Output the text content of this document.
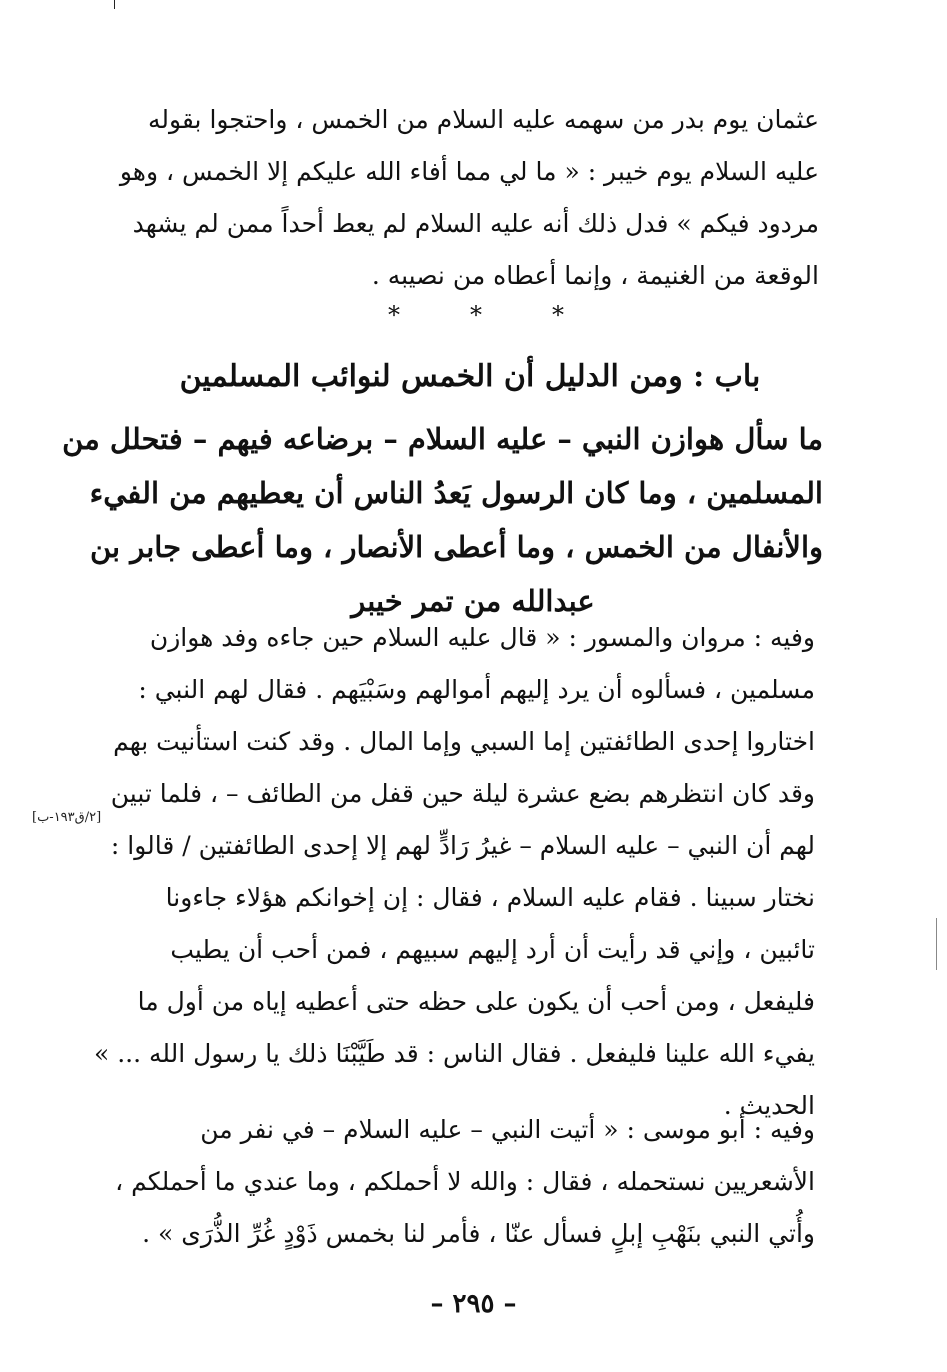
عثمان يوم بدر من سهمه عليه السلام من الخمس ، واحتجوا بقوله
عليه السلام يوم خيبر : « ما لي مما أفاء الله عليكم إلا الخمس ، وهو
مردود فيكم » فدل ذلك أنه عليه السلام لم يعط أحداً ممن لم يشهد
الوقعة من الغنيمة ، وإنما أعطاه من نصيبه .
*	*	*
باب : ومن الدليل أن الخمس لنوائب المسلمين
ما سأل هوازن النبي – عليه السلام – برضاعه فيهم – فتحلل من
المسلمين ، وما كان الرسول يَعدُ الناس أن يعطيهم من الفيء
والأنفال من الخمس ، وما أعطى الأنصار ، وما أعطى جابر بن
عبدالله من تمر خيبر
وفيه : مروان والمسور : « قال عليه السلام حين جاءه وفد هوازن
مسلمين ، فسألوه أن يرد إليهم أموالهم وسَبْيَهم . فقال لهم النبي :
اختاروا إحدى الطائفتين إما السبي وإما المال . وقد كنت استأنيت بهم
وقد كان انتظرهم بضع عشرة ليلة حين قفل من الطائف – ، فلما تبين
لهم أن النبي – عليه السلام – غيرُ رَادٍّ لهم إلا إحدى الطائفتين / قالوا :
نختار سبينا . فقام عليه السلام ، فقال : إن إخوانكم هؤلاء جاءونا
تائبين ، وإني قد رأيت أن أرد إليهم سبيهم ، فمن أحب أن يطيب
فليفعل ، ومن أحب أن يكون على حظه حتى أعطيه إياه من أول ما
يفيء الله علينا فليفعل . فقال الناس : قد طَيَّبْنَا ذلك يا رسول الله ... »
الحديث .
[٢/ق١٩٣-ب]
وفيه : أبو موسى : « أتيت النبي – عليه السلام – في نفر من
الأشعريين نستحمله ، فقال : والله لا أحملكم ، وما عندي ما أحملكم ،
وأُتي النبي بنَهْبِ إبلٍ فسأل عنّا ، فأمر لنا بخمس ذَوْدٍ غُرِّ الذُّرَى » .
– ٢٩٥ –
